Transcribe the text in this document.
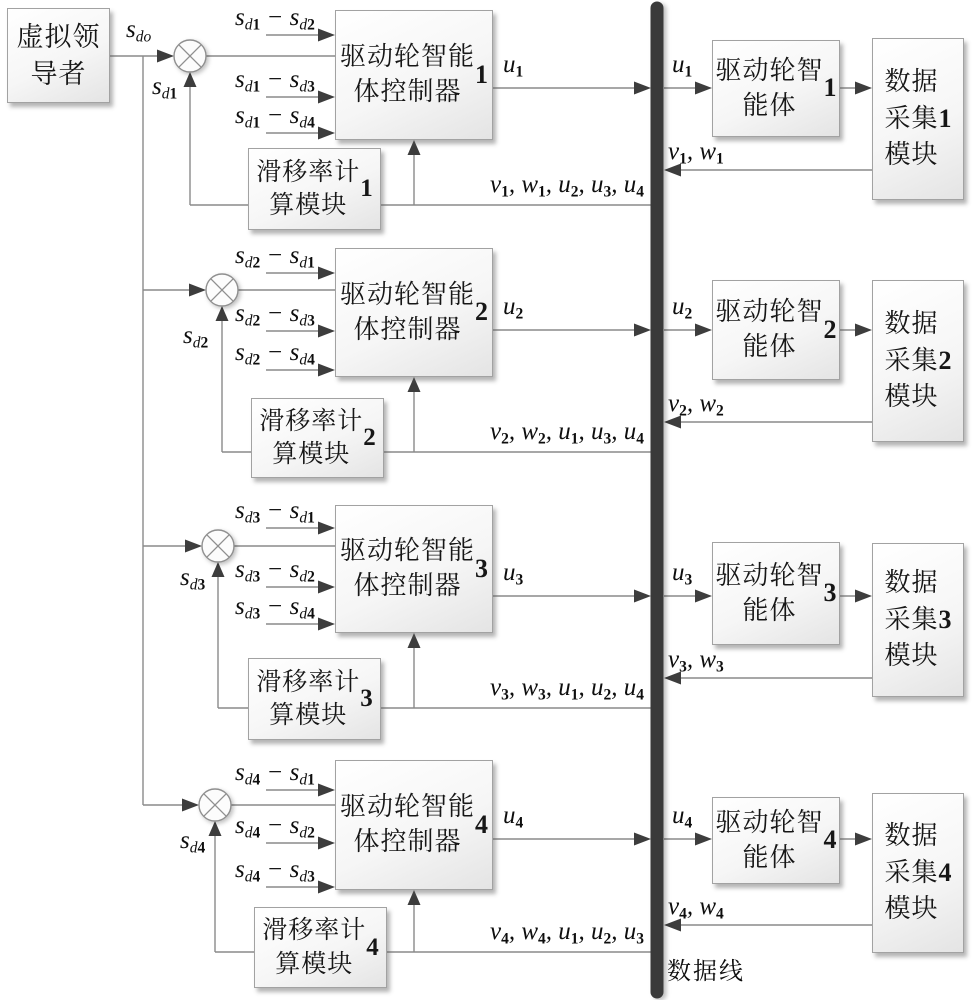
虚拟领
导者
$s_{do}$
数据线
$s_{d1} - s_{d2}$
$s_{d1} - s_{d3}$
$s_{d1} - s_{d4}$
驱动轮智能
体控制器
1
滑移率计
算模块
1
驱动轮智
能体
1	数据
采集
模块
1
$s_{d1}$
$u_1$	$u_1$
$v_1$, $w_1$
$v_1$, $w_1$, $u_2$, $u_3$, $u_4$
$s_{d2} - s_{d1}$
$s_{d2} - s_{d3}$
$s_{d2} - s_{d4}$
驱动轮智能
体控制器
2
滑移率计
算模块
2
驱动轮智
能体
2	数据
采集
模块
2
$s_{d2}$
$u_2$	$u_2$
$v_2$, $w_2$
$v_2$, $w_2$, $u_1$, $u_3$, $u_4$
$s_{d3} - s_{d1}$
$s_{d3} - s_{d2}$
$s_{d3} - s_{d4}$
驱动轮智能
体控制器
3
滑移率计
算模块
3
驱动轮智
能体
3	数据
采集
模块
3
$s_{d3}$	$u_3$	$u_3$
$v_3$, $w_3$
$v_3$, $w_3$, $u_1$, $u_2$, $u_4$
$s_{d4} - s_{d1}$
$s_{d4} - s_{d2}$
$s_{d4} - s_{d3}$
驱动轮智能
体控制器
4
滑移率计
算模块
4
驱动轮智
能体
4	数据
采集
模块
4
$s_{d4}$
$u_4$	$u_4$
$v_4$, $w_4$
$v_4$, $w_4$, $u_1$, $u_2$, $u_3$
